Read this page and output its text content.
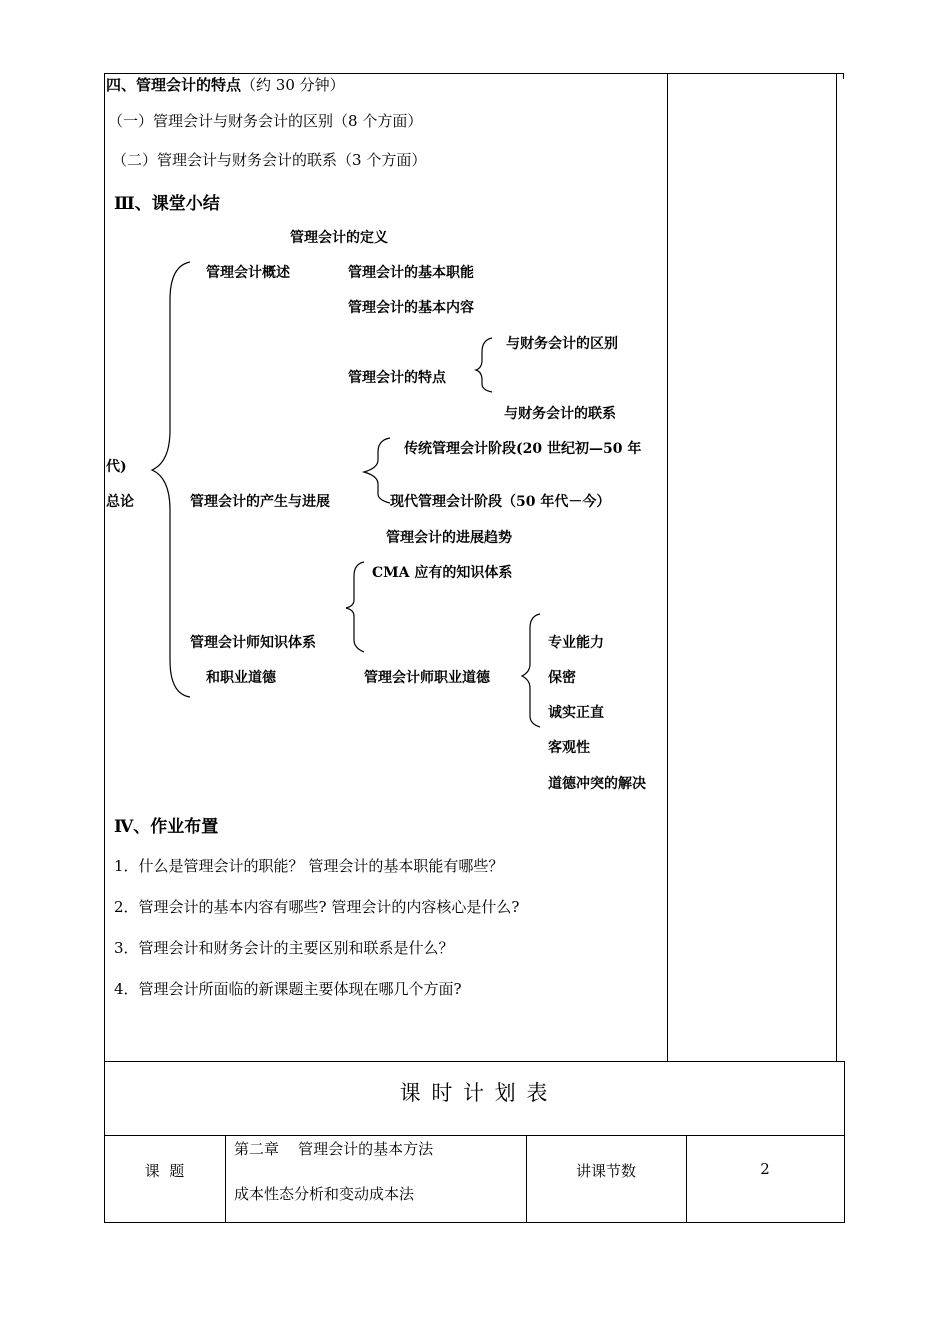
四、管理会计的特点（约 30 分钟）
（一）管理会计与财务会计的区别（8 个方面）
（二）管理会计与财务会计的联系（3 个方面）
Ⅲ、课堂小结
管理会计的定义
管理会计概述	管理会计的基本职能
管理会计的基本内容
与财务会计的区别
管理会计的特点
与财务会计的联系
传统管理会计阶段(20 世纪初—50 年
代)
总论	管理会计的产生与进展	现代管理会计阶段（50 年代－今）
管理会计的进展趋势
CMA 应有的知识体系
管理会计师知识体系	专业能力
和职业道德	管理会计师职业道德	保密
诚实正直
客观性
道德冲突的解决
Ⅳ、作业布置
1．什么是管理会计的职能？ 管理会计的基本职能有哪些？
2．管理会计的基本内容有哪些? 管理会计的内容核心是什么?
3．管理会计和财务会计的主要区别和联系是什么？
4．管理会计所面临的新课题主要体现在哪几个方面?
课 时 计 划 表
课  题
第二章    管理会计的基本方法
成本性态分析和变动成本法
讲课节数	2
